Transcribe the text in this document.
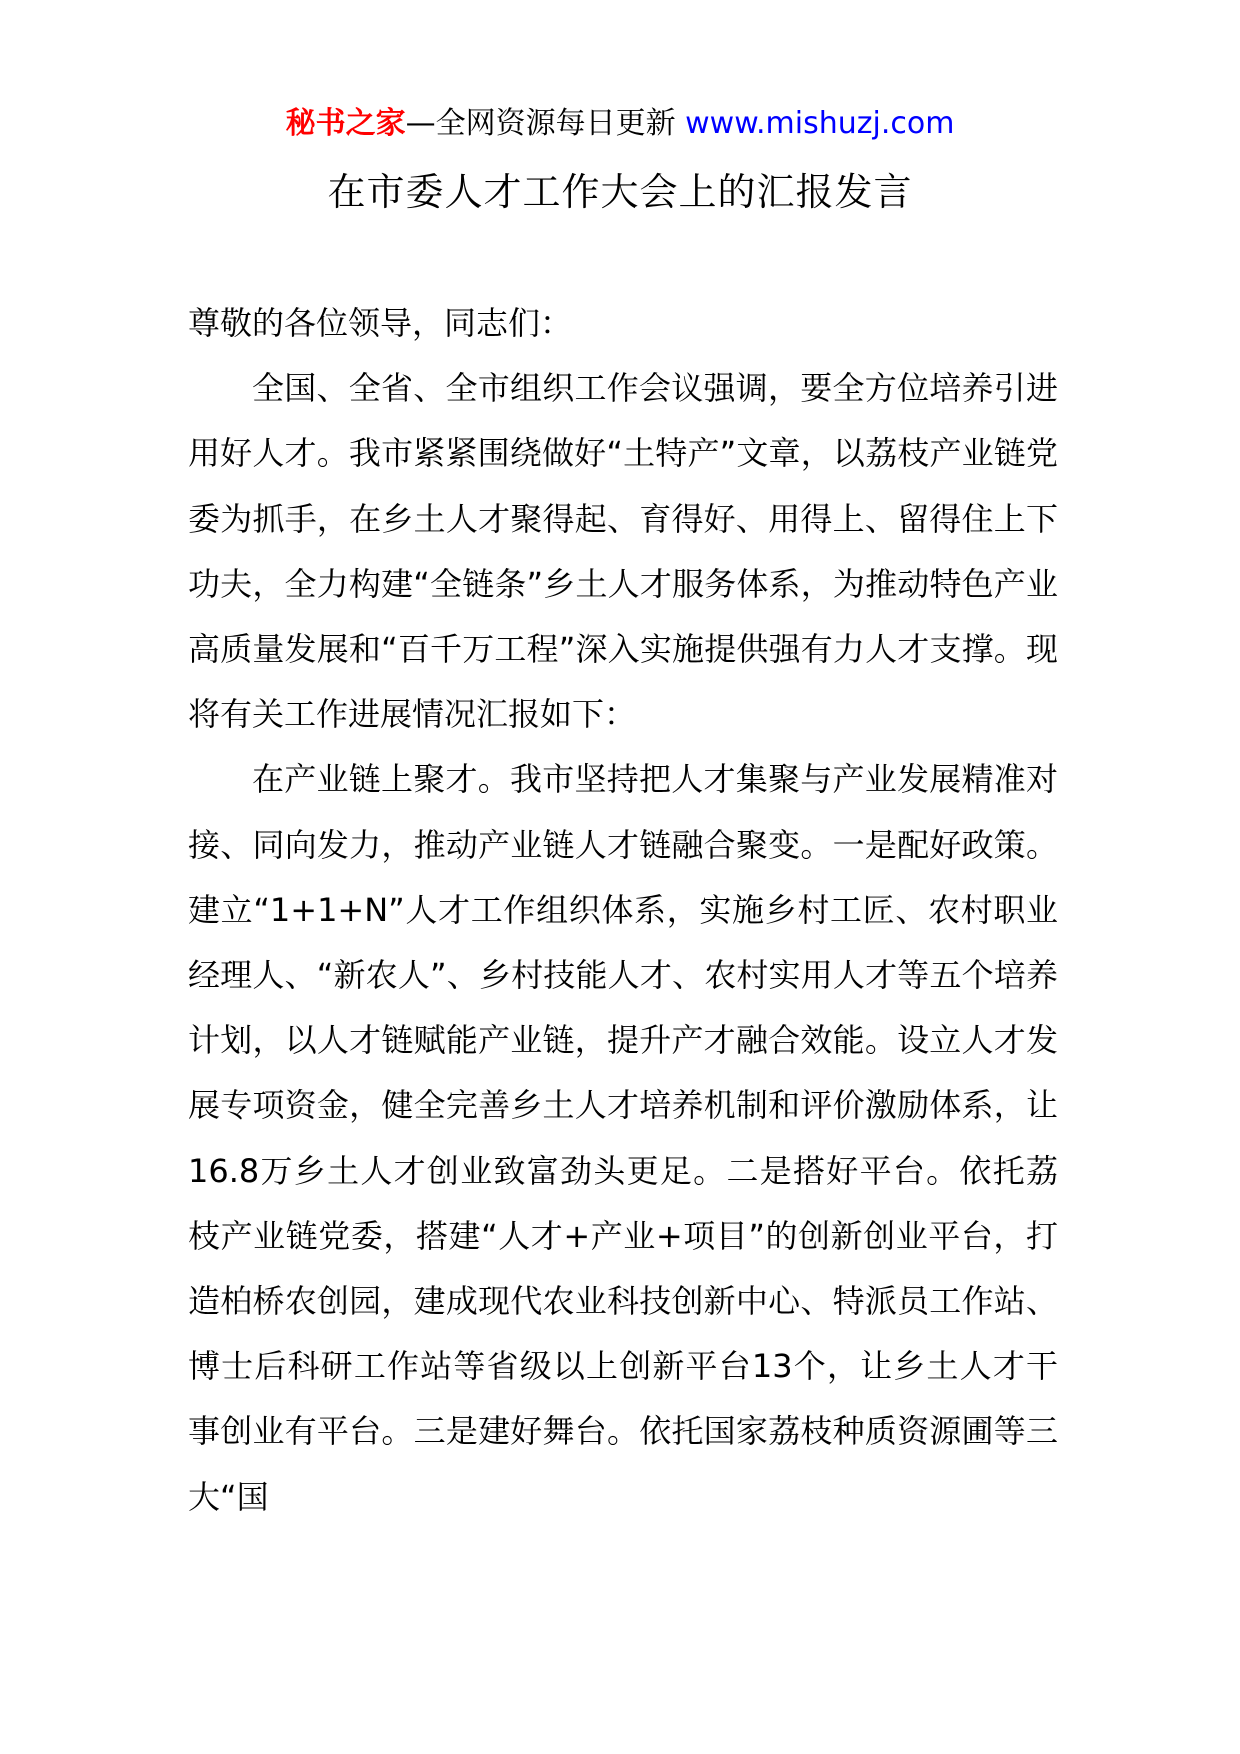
秘书之家—全网资源每日更新 www.mishuzj.com
在市委人才工作大会上的汇报发言

尊敬的各位领导，同志们：

全国、全省、全市组织工作会议强调，要全方位培养引进用好人才。我市紧紧围绕做好“土特产”文章，以荔枝产业链党委为抓手，在乡土人才聚得起、育得好、用得上、留得住上下功夫，全力构建“全链条”乡土人才服务体系，为推动特色产业高质量发展和“百千万工程”深入实施提供强有力人才支撑。现将有关工作进展情况汇报如下：

在产业链上聚才。我市坚持把人才集聚与产业发展精准对接、同向发力，推动产业链人才链融合聚变。一是配好政策。建立“1+1+N”人才工作组织体系，实施乡村工匠、农村职业经理人、“新农人”、乡村技能人才、农村实用人才等五个培养计划，以人才链赋能产业链，提升产才融合效能。设立人才发展专项资金，健全完善乡土人才培养机制和评价激励体系，让16.8万乡土人才创业致富劲头更足。二是搭好平台。依托荔枝产业链党委，搭建“人才+产业+项目”的创新创业平台，打造柏桥农创园，建成现代农业科技创新中心、特派员工作站、博士后科研工作站等省级以上创新平台13个，让乡土人才干事创业有平台。三是建好舞台。依托国家荔枝种质资源圃等三大“国
